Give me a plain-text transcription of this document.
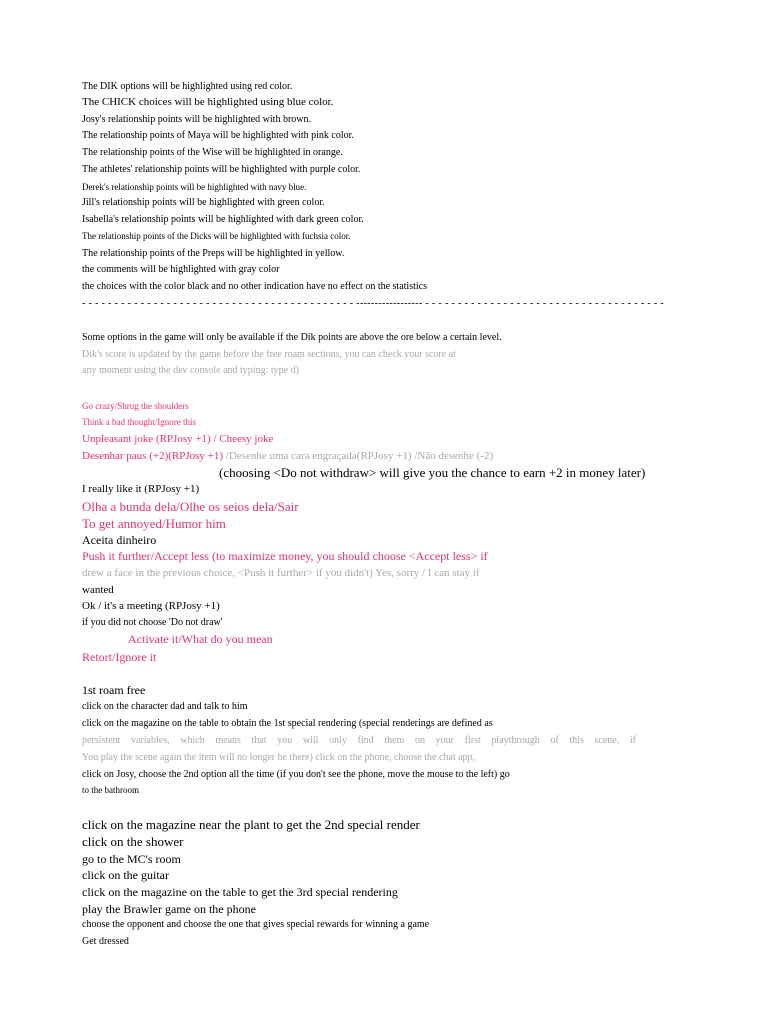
The DIK options will be highlighted using red color.
The CHICK choices will be highlighted using blue color.
Josy's relationship points will be highlighted with brown.
The relationship points of Maya will be highlighted with pink color.
The relationship points of the Wise will be highlighted in orange.
The athletes' relationship points will be highlighted with purple color.
Derek's relationship points will be highlighted with navy blue.
Jill's relationship points will be highlighted with green color.
Isabella's relationship points will be highlighted with dark green color.
The relationship points of the Dicks will be highlighted with fuchsia color.
The relationship points of the Preps will be highlighted in yellow.
the comments will be highlighted with gray color
the choices with the color black and no other indication have no effect on the statistics
- - - - - - - - - - - - - - - - - - - - - - - - - - - - - - - - - - - - - - - - - - ------------------ - - - - - - - - - - - - - - - - - - - - - - - - - - - - - - - - - - - - -
Some options in the game will only be available if the Dik points are above the ore below a certain level.
Dik's score is updated by the game before the free roam sections, you can check your score at
any moment using the dev console and typing: type d)
Go crazy/Shrug the shoulders
Think a bad thought/Ignore this
Unpleasant joke (RPJosy +1) / Cheesy joke
Desenhar paus (+2)(RPJosy +1) /Desenhe uma cara engraçada(RPJosy +1) /Não desenhe (-2)
(choosing <Do not withdraw> will give you the chance to earn +2 in money later)
I really like it (RPJosy +1)
Olha a bunda dela/Olhe os seios dela/Sair
To get annoyed/Humor him
Aceita dinheiro
Push it further/Accept less (to maximize money, you should choose <Accept less> if
drew a face in the previous choice, <Push it further> if you didn't) Yes, sorry / I can stay if
wanted
Ok / it's a meeting (RPJosy +1)
if you did not choose 'Do not draw'
Activate it/What do you mean
Retort/Ignore it
1st roam free
click on the character dad and talk to him
click on the magazine on the table to obtain the 1st special rendering (special renderings are defined as
persistent variables, which means that you will only find them on your first playthrough of this scene, if
You play the scene again the item will no longer be there) click on the phone, choose the chat app,
click on Josy, choose the 2nd option all the time (if you don't see the phone, move the mouse to the left) go
to the bathroom
click on the magazine near the plant to get the 2nd special render
click on the shower
go to the MC's room
click on the guitar
click on the magazine on the table to get the 3rd special rendering
play the Brawler game on the phone
choose the opponent and choose the one that gives special rewards for winning a game
Get dressed
